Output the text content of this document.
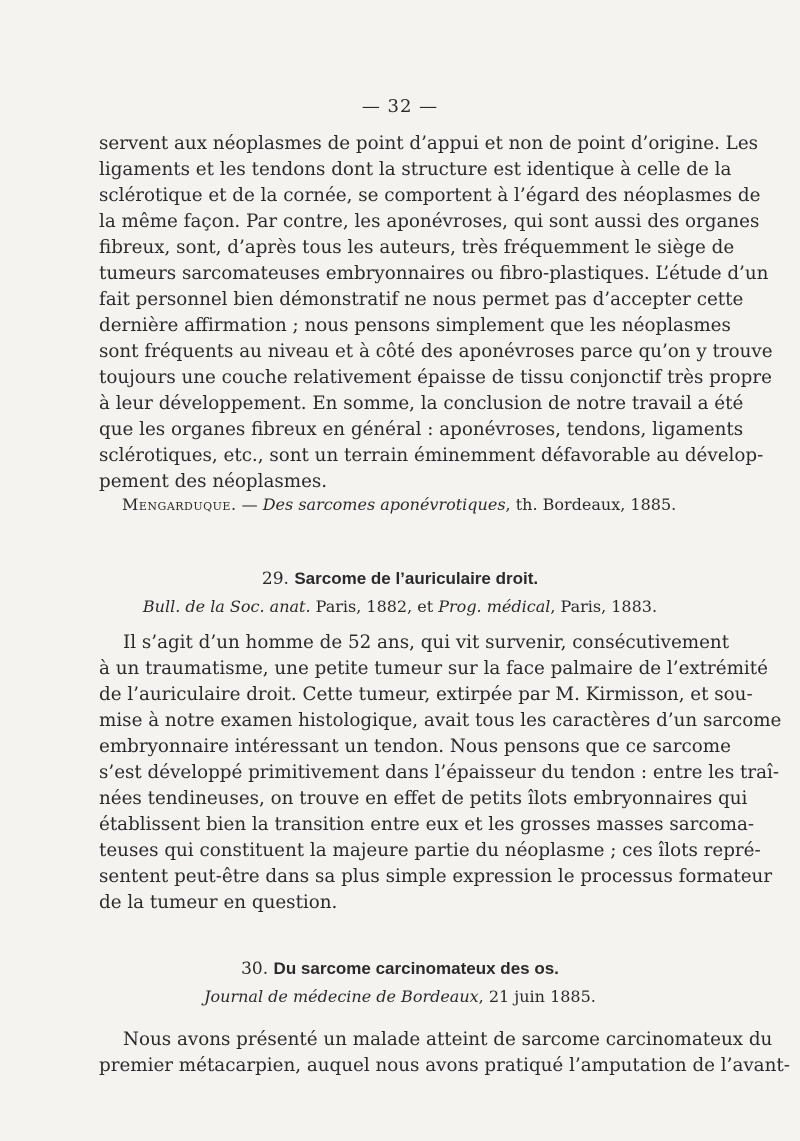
— 32 —
servent aux néoplasmes de point d’appui et non de point d’origine. Les
ligaments et les tendons dont la structure est identique à celle de la
sclérotique et de la cornée, se comportent à l’égard des néoplasmes de
la même façon. Par contre, les aponévroses, qui sont aussi des organes
fibreux, sont, d’après tous les auteurs, très fréquemment le siège de
tumeurs sarcomateuses embryonnaires ou fibro-plastiques. L’étude d’un
fait personnel bien démonstratif ne nous permet pas d’accepter cette
dernière affirmation ; nous pensons simplement que les néoplasmes
sont fréquents au niveau et à côté des aponévroses parce qu’on y trouve
toujours une couche relativement épaisse de tissu conjonctif très propre
à leur développement. En somme, la conclusion de notre travail a été
que les organes fibreux en général : aponévroses, tendons, ligaments
sclérotiques, etc., sont un terrain éminemment défavorable au dévelop-
pement des néoplasmes.
Mengarduque. — Des sarcomes aponévrotiques, th. Bordeaux, 1885.
29. Sarcome de l’auriculaire droit.
Bull. de la Soc. anat. Paris, 1882, et Prog. médical, Paris, 1883.
Il s’agit d’un homme de 52 ans, qui vit survenir, consécutivement
à un traumatisme, une petite tumeur sur la face palmaire de l’extrémité
de l’auriculaire droit. Cette tumeur, extirpée par M. Kirmisson, et sou-
mise à notre examen histologique, avait tous les caractères d’un sarcome
embryonnaire intéressant un tendon. Nous pensons que ce sarcome
s’est développé primitivement dans l’épaisseur du tendon : entre les traî-
nées tendineuses, on trouve en effet de petits îlots embryonnaires qui
établissent bien la transition entre eux et les grosses masses sarcoma-
teuses qui constituent la majeure partie du néoplasme ; ces îlots repré-
sentent peut-être dans sa plus simple expression le processus formateur
de la tumeur en question.
30. Du sarcome carcinomateux des os.
Journal de médecine de Bordeaux, 21 juin 1885.
Nous avons présenté un malade atteint de sarcome carcinomateux du
premier métacarpien, auquel nous avons pratiqué l’amputation de l’avant-
